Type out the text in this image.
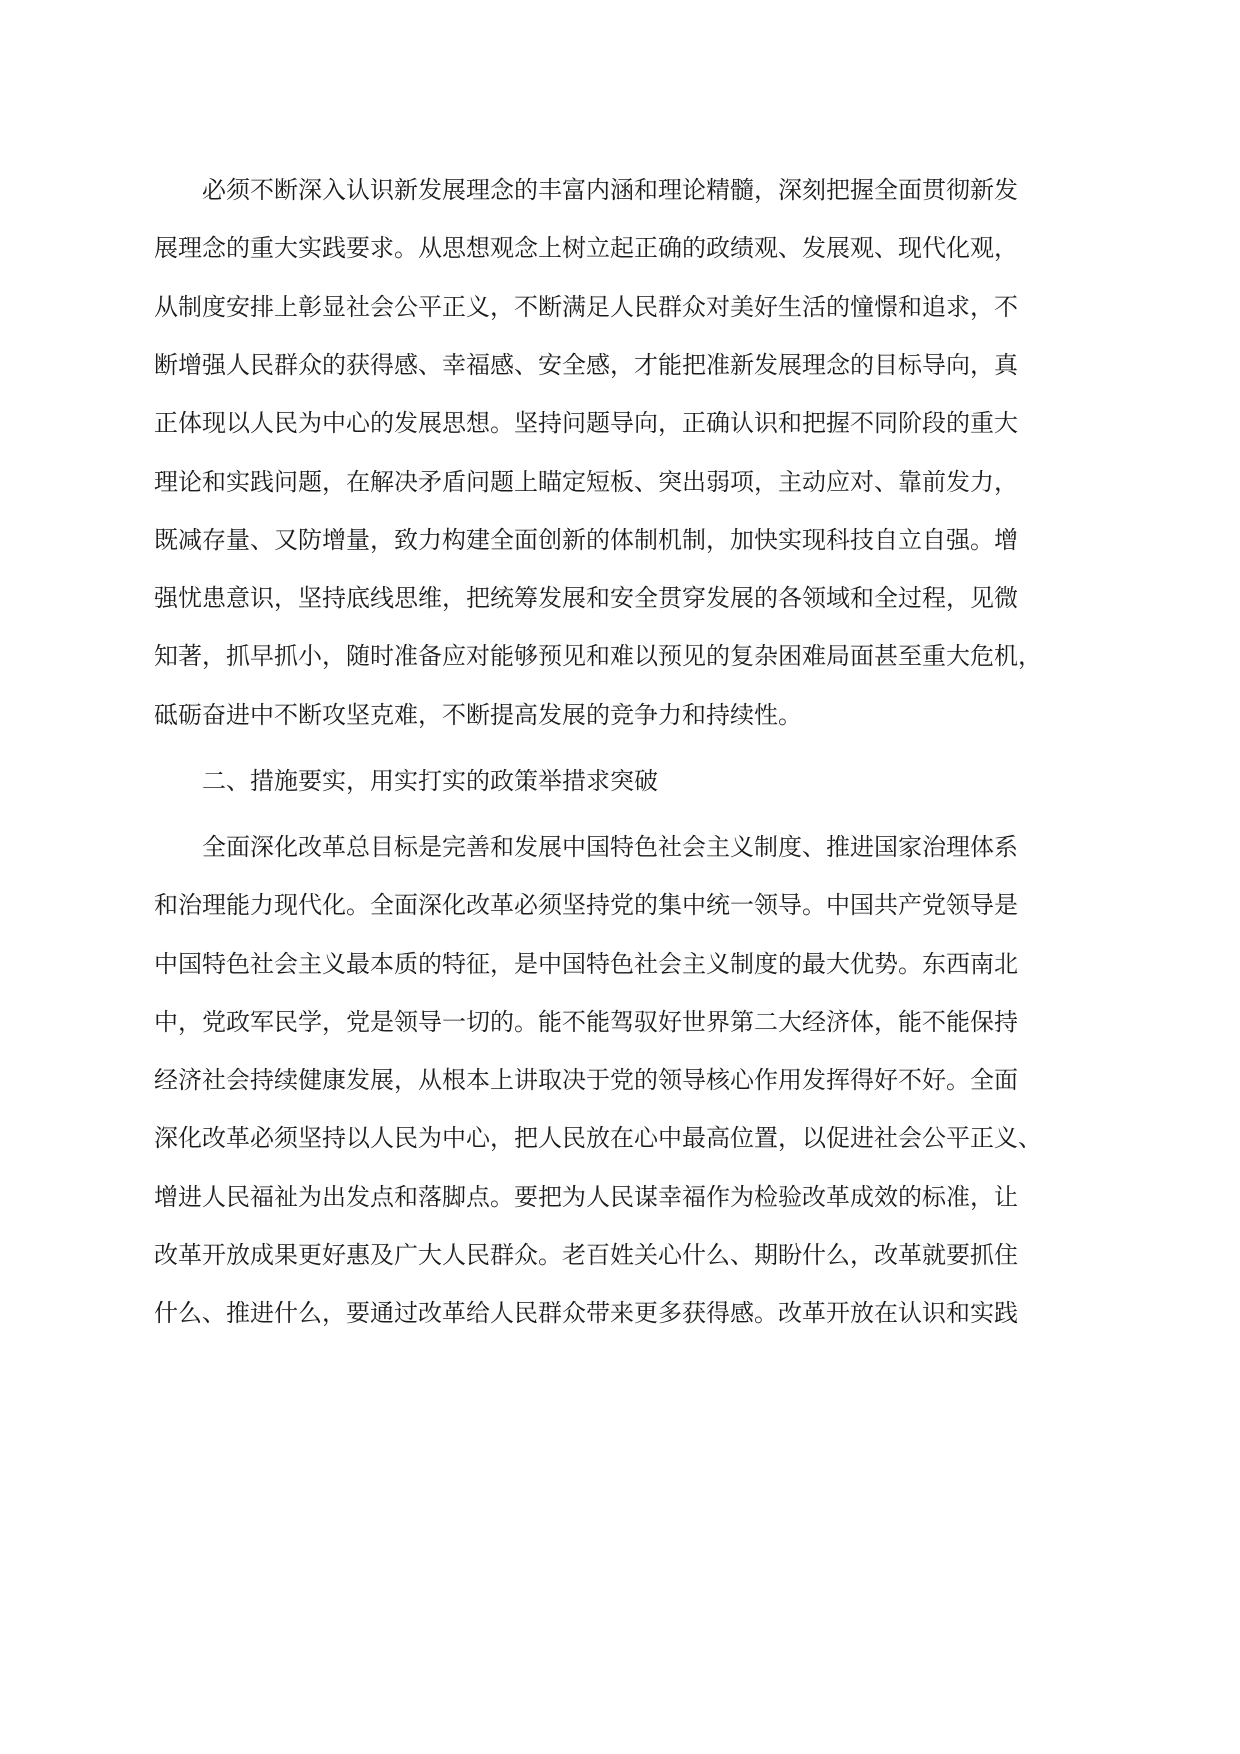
必须不断深入认识新发展理念的丰富内涵和理论精髓，深刻把握全面贯彻新发
展理念的重大实践要求。从思想观念上树立起正确的政绩观、发展观、现代化观，
从制度安排上彰显社会公平正义，不断满足人民群众对美好生活的憧憬和追求，不
断增强人民群众的获得感、幸福感、安全感，才能把准新发展理念的目标导向，真
正体现以人民为中心的发展思想。坚持问题导向，正确认识和把握不同阶段的重大
理论和实践问题，在解决矛盾问题上瞄定短板、突出弱项，主动应对、靠前发力，
既减存量、又防增量，致力构建全面创新的体制机制，加快实现科技自立自强。增
强忧患意识，坚持底线思维，把统筹发展和安全贯穿发展的各领域和全过程，见微
知著，抓早抓小，随时准备应对能够预见和难以预见的复杂困难局面甚至重大危机，
砥砺奋进中不断攻坚克难，不断提高发展的竞争力和持续性。
二、措施要实，用实打实的政策举措求突破
全面深化改革总目标是完善和发展中国特色社会主义制度、推进国家治理体系
和治理能力现代化。全面深化改革必须坚持党的集中统一领导。中国共产党领导是
中国特色社会主义最本质的特征，是中国特色社会主义制度的最大优势。东西南北
中，党政军民学，党是领导一切的。能不能驾驭好世界第二大经济体，能不能保持
经济社会持续健康发展，从根本上讲取决于党的领导核心作用发挥得好不好。全面
深化改革必须坚持以人民为中心，把人民放在心中最高位置，以促进社会公平正义、
增进人民福祉为出发点和落脚点。要把为人民谋幸福作为检验改革成效的标准，让
改革开放成果更好惠及广大人民群众。老百姓关心什么、期盼什么，改革就要抓住
什么、推进什么，要通过改革给人民群众带来更多获得感。改革开放在认识和实践
